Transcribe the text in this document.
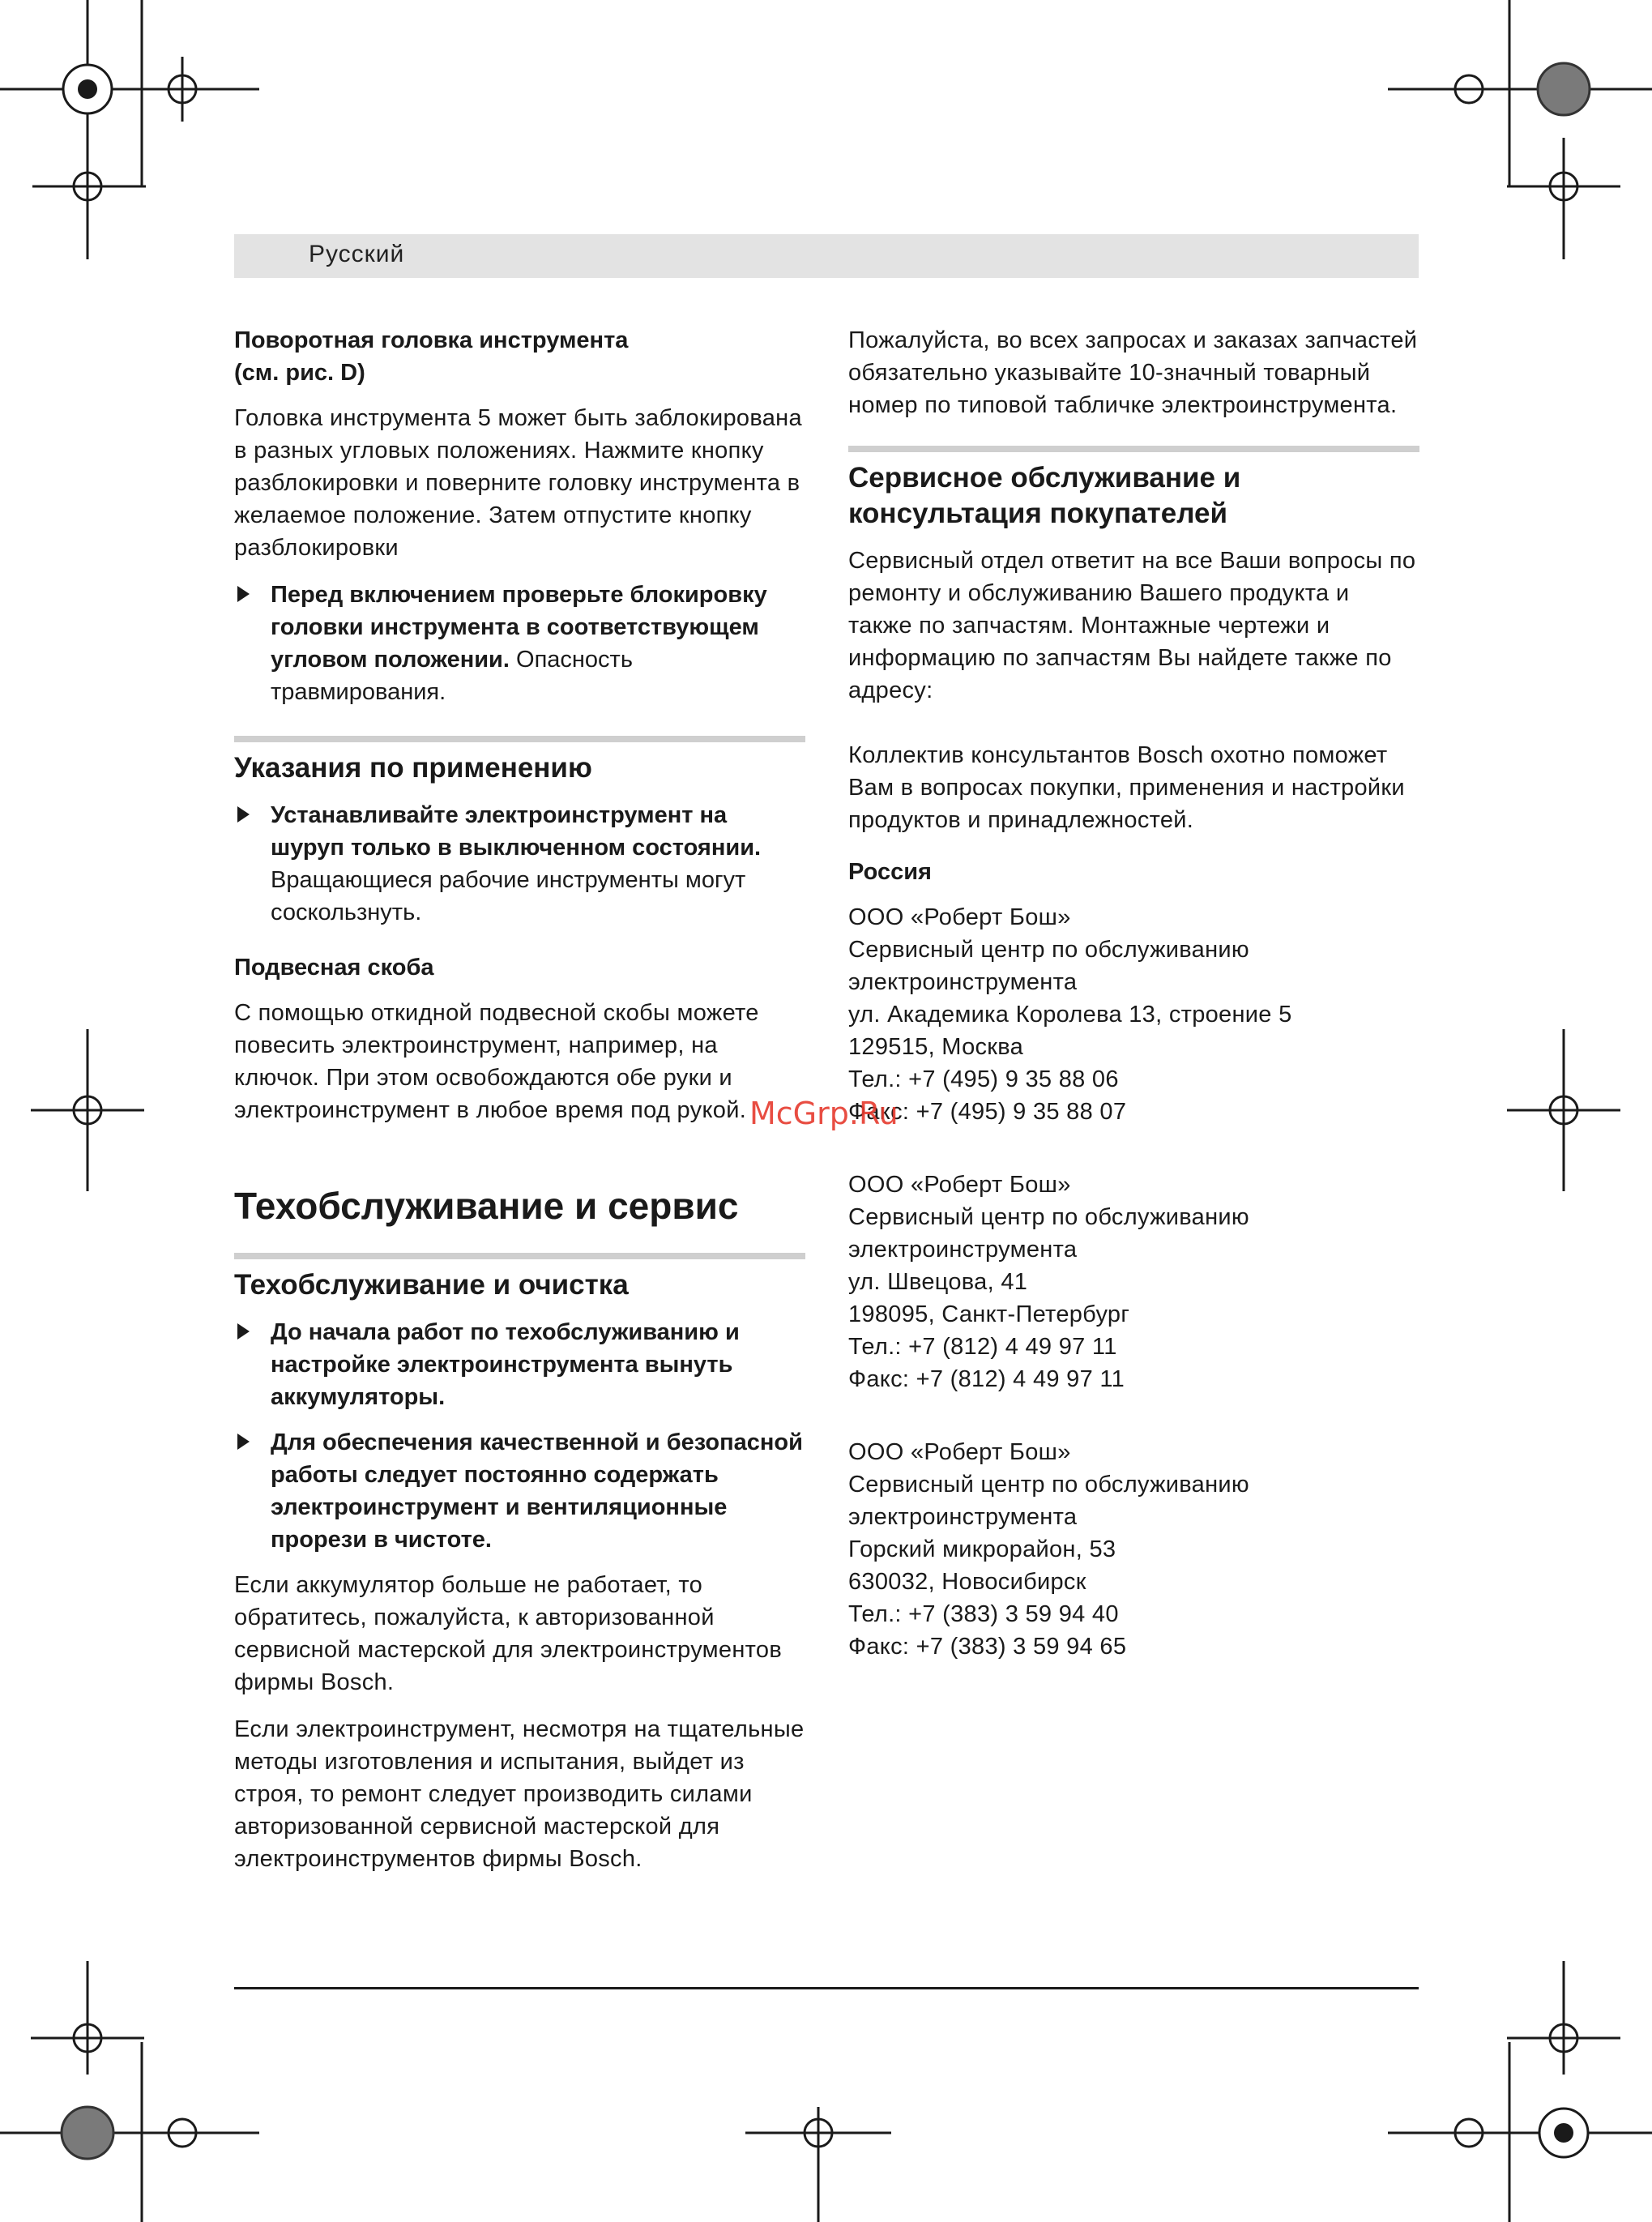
Русский
Поворотная головка инструмента
(см. рис. D)

Головка инструмента 5 может быть заблокирована в разных угловых положениях. Нажмите кнопку разблокировки и поверните головку инструмента в желаемое положение. Затем отпустите кнопку разблокировки

Перед включением проверьте блокировку головки инструмента в соответствующем угловом положении. Опасность травмирования.
Указания по применению
Устанавливайте электроинструмент на шуруп только в выключенном состоянии. Вращающиеся рабочие инструменты могут соскользнуть.
Подвесная скоба

С помощью откидной подвесной скобы можете повесить электроинструмент, например, на ключок. При этом освобождаются обе руки и электроинструмент в любое время под рукой.

Техобслуживание и сервис
Техобслуживание и очистка
До начала работ по техобслуживанию и настройке электроинструмента вынуть аккумуляторы.
Для обеспечения качественной и безопасной работы следует постоянно содержать электроинструмент и вентиляционные прорези в чистоте.

Если аккумулятор больше не работает, то обратитесь, пожалуйста, к авторизованной сервисной мастерской для электроинструментов фирмы Bosch.

Если электроинструмент, несмотря на тщательные методы изготовления и испытания, выйдет из строя, то ремонт следует производить силами авторизованной сервисной мастерской для электроинструментов фирмы Bosch.

Пожалуйста, во всех запросах и заказах запчастей обязательно указывайте 10-значный товарный номер по типовой табличке электроинструмента.

Сервисное обслуживание и
консультация покупателей

Сервисный отдел ответит на все Ваши вопросы по ремонту и обслуживанию Вашего продукта и также по запчастям. Монтажные чертежи и информацию по запчастям Вы найдете также по адресу:

Коллектив консультантов Bosch охотно поможет Вам в вопросах покупки, применения и настройки продуктов и принадлежностей.

Россия
ООО «Роберт Бош»
Сервисный центр по обслуживанию
электроинструмента
ул. Академика Королева 13, строение 5
129515, Москва
Тел.: +7 (495) 9 35 88 06
Факс: +7 (495) 9 35 88 07
ООО «Роберт Бош»
Сервисный центр по обслуживанию
электроинструмента
ул. Швецова, 41
198095, Санкт-Петербург
Тел.: +7 (812) 4 49 97 11
Факс: +7 (812) 4 49 97 11
ООО «Роберт Бош»
Сервисный центр по обслуживанию
электроинструмента
Горский микрорайон, 53
630032, Новосибирск
Тел.: +7 (383) 3 59 94 40
Факс: +7 (383) 3 59 94 65
McGrp.Ru
